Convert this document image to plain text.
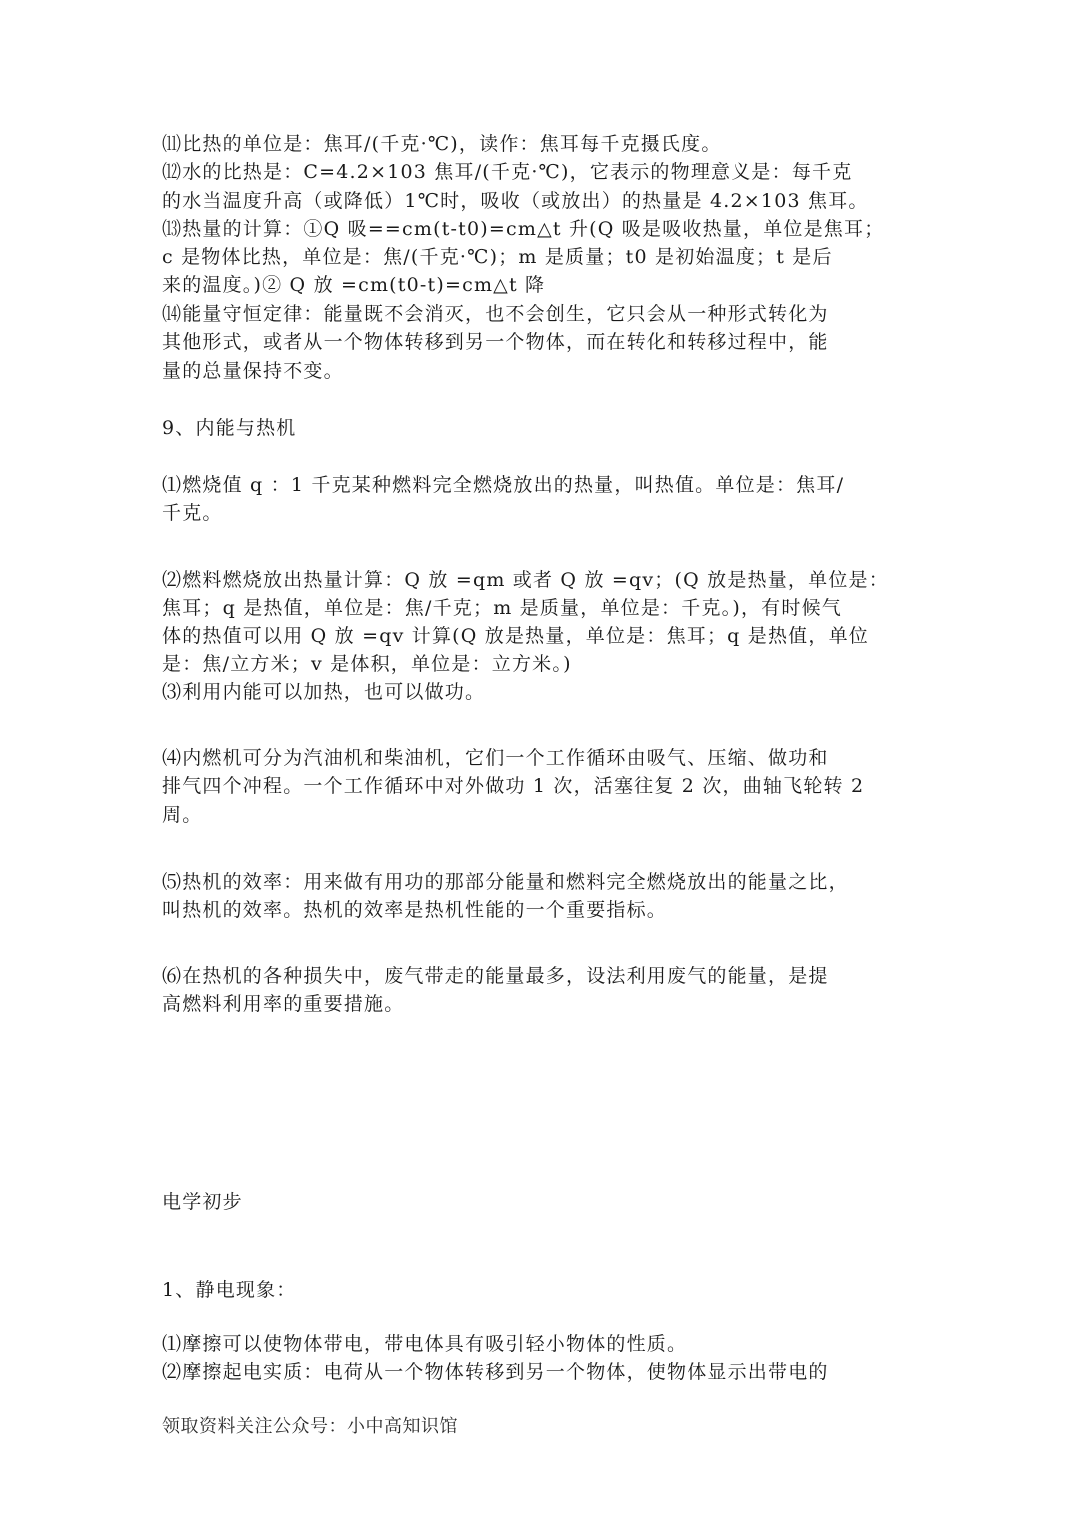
⑾比热的单位是：焦耳/(千克·℃)，读作：焦耳每千克摄氏度。

⑿水的比热是：C=4.2×103 焦耳/(千克·℃)，它表示的物理意义是：每千克

的水当温度升高（或降低）1℃时，吸收（或放出）的热量是 4.2×103 焦耳。

⒀热量的计算：①Q 吸==cm(t-t0)=cm△t 升(Q 吸是吸收热量，单位是焦耳；

c 是物体比热，单位是：焦/(千克·℃)；m 是质量；t0 是初始温度；t 是后

来的温度。)② Q 放 =cm(t0-t)=cm△t 降

⒁能量守恒定律：能量既不会消灭，也不会创生，它只会从一种形式转化为

其他形式，或者从一个物体转移到另一个物体，而在转化和转移过程中，能

量的总量保持不变。

9、内能与热机

⑴燃烧值 q ：1 千克某种燃料完全燃烧放出的热量，叫热值。单位是：焦耳/

千克。

⑵燃料燃烧放出热量计算：Q 放 =qm 或者 Q 放 =qv；(Q 放是热量，单位是：

焦耳；q 是热值，单位是：焦/千克；m 是质量，单位是：千克。)，有时候气

体的热值可以用 Q 放 =qv 计算(Q 放是热量，单位是：焦耳；q 是热值，单位

是：焦/立方米；v 是体积，单位是：立方米。)

⑶利用内能可以加热，也可以做功。

⑷内燃机可分为汽油机和柴油机，它们一个工作循环由吸气、压缩、做功和

排气四个冲程。一个工作循环中对外做功 1 次，活塞往复 2 次，曲轴飞轮转 2

周。

⑸热机的效率：用来做有用功的那部分能量和燃料完全燃烧放出的能量之比，

叫热机的效率。热机的效率是热机性能的一个重要指标。

⑹在热机的各种损失中，废气带走的能量最多，设法利用废气的能量，是提

高燃料利用率的重要措施。

电学初步
1、静电现象：

⑴摩擦可以使物体带电，带电体具有吸引轻小物体的性质。

⑵摩擦起电实质：电荷从一个物体转移到另一个物体，使物体显示出带电的

领取资料关注公众号：小中高知识馆
